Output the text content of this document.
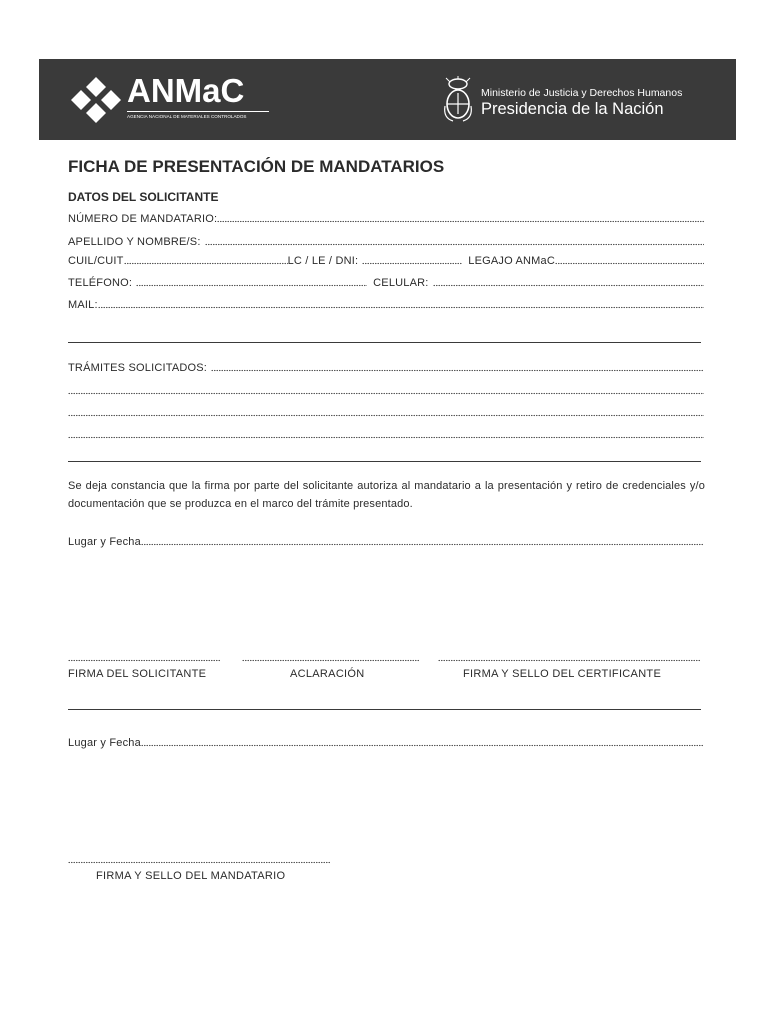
ANMaC
AGENCIA NACIONAL DE MATERIALES CONTROLADOS
Ministerio de Justicia y Derechos Humanos
Presidencia de la Nación
FICHA DE PRESENTACIÓN DE MANDATARIOS
DATOS DEL SOLICITANTE
NÚMERO DE MANDATARIO:
APELLIDO Y NOMBRE/S:
CUIL/CUIT	LC / LE / DNI:	LEGAJO ANMaC
TELÉFONO:	CELULAR:
MAIL:
TRÁMITES SOLICITADOS:
Se deja constancia que la firma por parte del solicitante autoriza al mandatario a la presentación y retiro de credenciales y/o documentación que se produzca en el marco del trámite presentado.
Lugar y Fecha
FIRMA DEL SOLICITANTE	ACLARACIÓN	FIRMA Y SELLO DEL CERTIFICANTE
Lugar y Fecha
FIRMA Y SELLO DEL MANDATARIO
